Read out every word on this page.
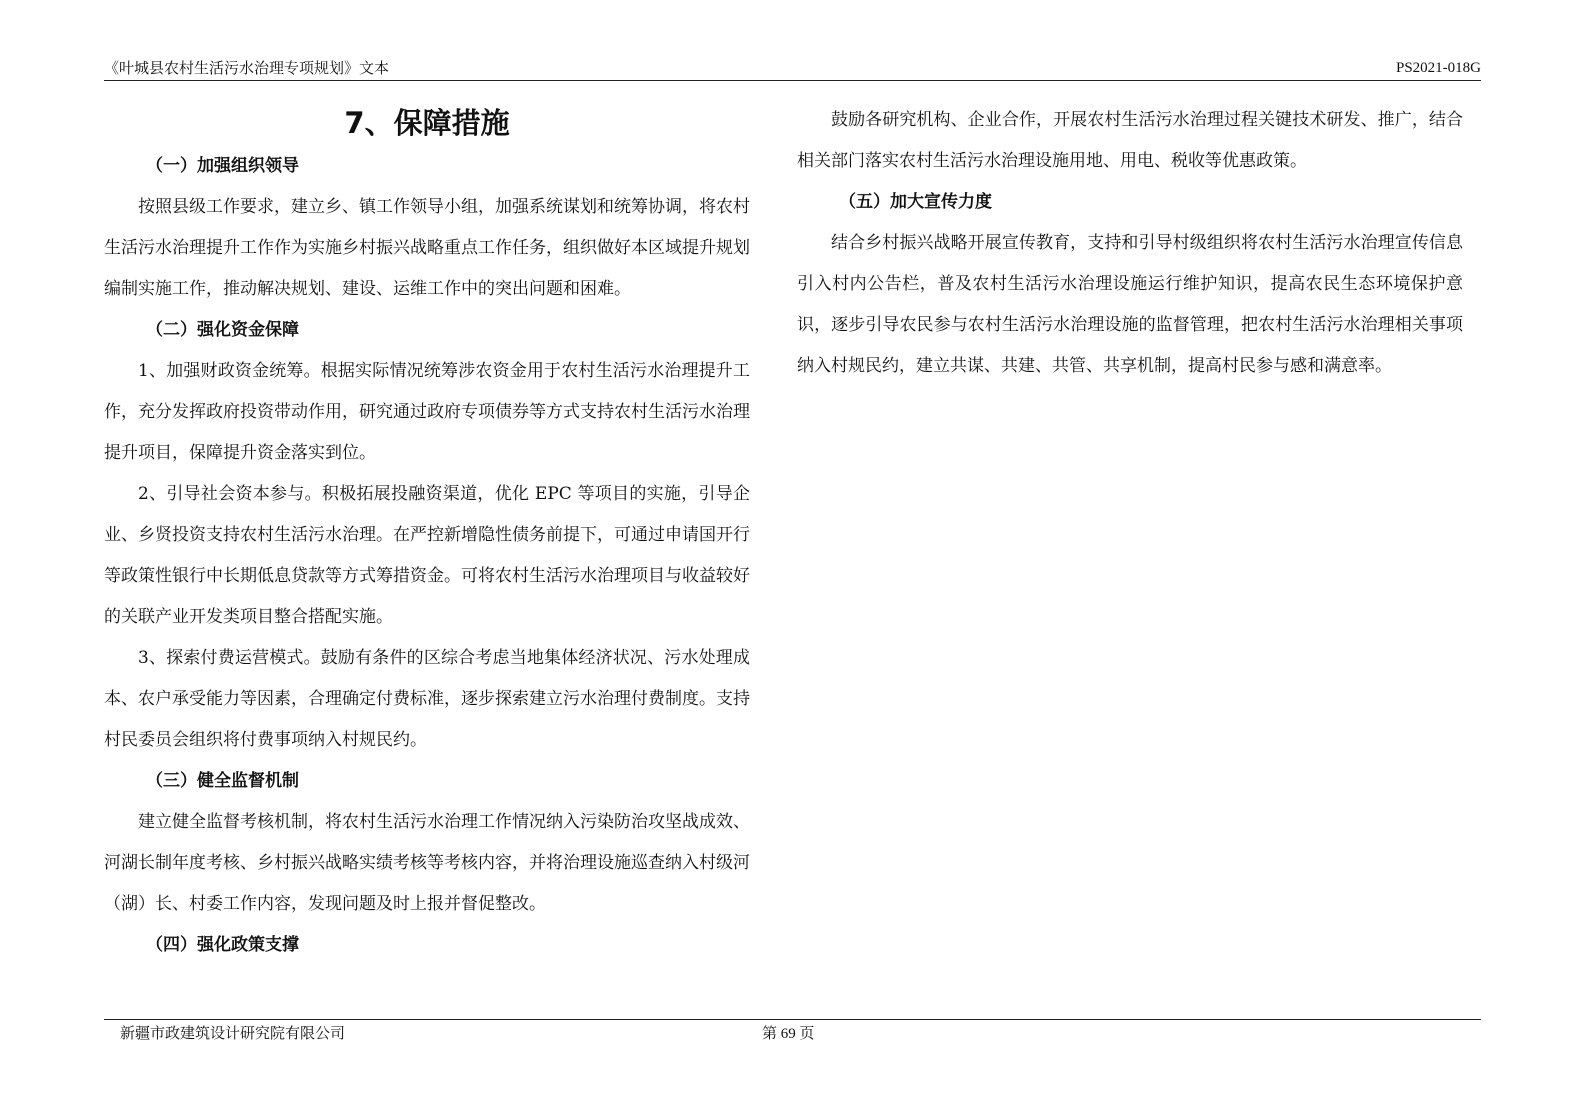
《叶城县农村生活污水治理专项规划》文本	PS2021-018G
7、保障措施
（一）加强组织领导

按照县级工作要求，建立乡、镇工作领导小组，加强系统谋划和统筹协调，将农村生活污水治理提升工作作为实施乡村振兴战略重点工作任务，组织做好本区域提升规划编制实施工作，推动解决规划、建设、运维工作中的突出问题和困难。

（二）强化资金保障

1、加强财政资金统筹。根据实际情况统筹涉农资金用于农村生活污水治理提升工作，充分发挥政府投资带动作用，研究通过政府专项债券等方式支持农村生活污水治理提升项目，保障提升资金落实到位。

2、引导社会资本参与。积极拓展投融资渠道，优化 EPC 等项目的实施，引导企业、乡贤投资支持农村生活污水治理。在严控新增隐性债务前提下，可通过申请国开行等政策性银行中长期低息贷款等方式筹措资金。可将农村生活污水治理项目与收益较好的关联产业开发类项目整合搭配实施。

3、探索付费运营模式。鼓励有条件的区综合考虑当地集体经济状况、污水处理成本、农户承受能力等因素，合理确定付费标准，逐步探索建立污水治理付费制度。支持村民委员会组织将付费事项纳入村规民约。

（三）健全监督机制

建立健全监督考核机制，将农村生活污水治理工作情况纳入污染防治攻坚战成效、河湖长制年度考核、乡村振兴战略实绩考核等考核内容，并将治理设施巡查纳入村级河（湖）长、村委工作内容，发现问题及时上报并督促整改。

（四）强化政策支撑

鼓励各研究机构、企业合作，开展农村生活污水治理过程关键技术研发、推广，结合相关部门落实农村生活污水治理设施用地、用电、税收等优惠政策。

（五）加大宣传力度

结合乡村振兴战略开展宣传教育，支持和引导村级组织将农村生活污水治理宣传信息引入村内公告栏，普及农村生活污水治理设施运行维护知识，提高农民生态环境保护意识，逐步引导农民参与农村生活污水治理设施的监督管理，把农村生活污水治理相关事项纳入村规民约，建立共谋、共建、共管、共享机制，提高村民参与感和满意率。

新疆市政建筑设计研究院有限公司	第 69 页
